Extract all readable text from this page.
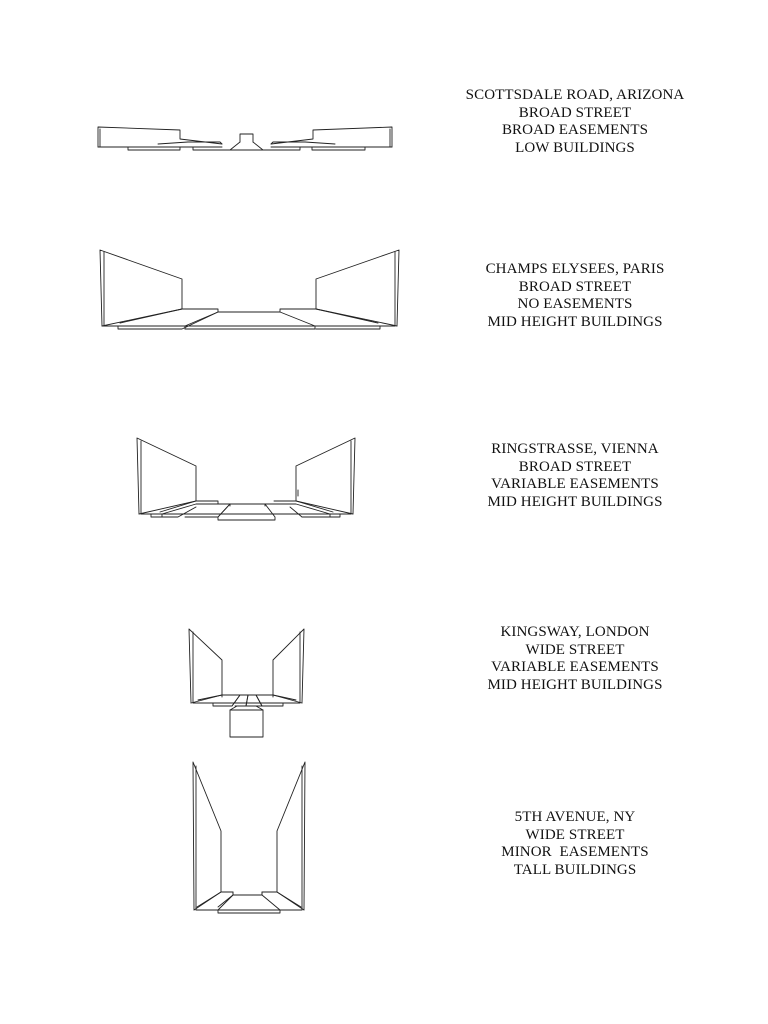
SCOTTSDALE ROAD, ARIZONA
BROAD STREET
BROAD EASEMENTS
LOW BUILDINGS
CHAMPS ELYSEES, PARIS
BROAD STREET
NO EASEMENTS
MID HEIGHT BUILDINGS
RINGSTRASSE, VIENNA
BROAD STREET
VARIABLE EASEMENTS
MID HEIGHT BUILDINGS
KINGSWAY, LONDON
WIDE STREET
VARIABLE EASEMENTS
MID HEIGHT BUILDINGS
5TH AVENUE, NY
WIDE STREET
MINOR  EASEMENTS
TALL BUILDINGS
